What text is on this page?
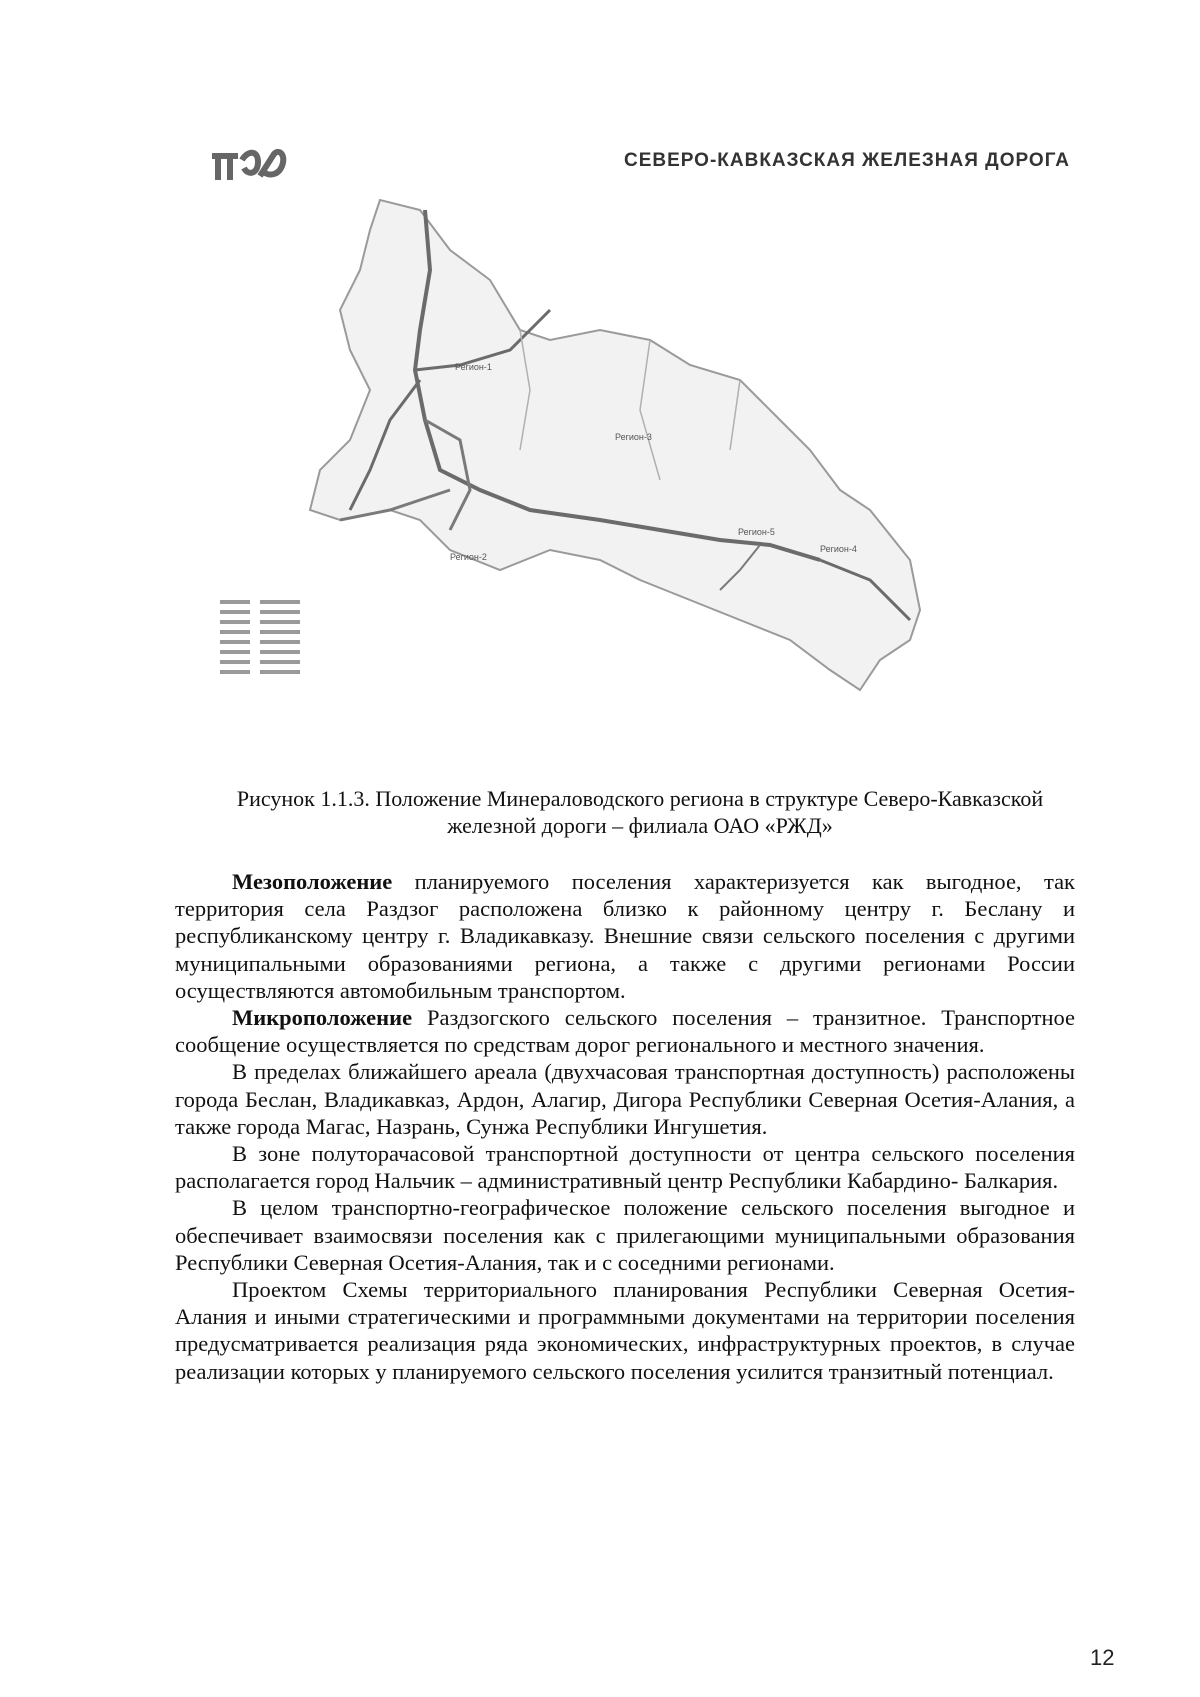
СЕВЕРО-КАВКАЗСКАЯ ЖЕЛЕЗНАЯ ДОРОГА
Регион-1
Регион-2
Регион-3
Регион-4
Регион-5
Рисунок 1.1.3. Положение Минераловодского региона в структуре Северо-Кавказской
железной дороги – филиала ОАО «РЖД»

Мезоположение планируемого поселения характеризуется как выгодное, так территория села Раздзог расположена близко к районному центру г. Беслану и республиканскому центру г. Владикавказу. Внешние связи сельского поселения с другими муниципальными образованиями региона, а также с другими регионами России осуществляются автомобильным транспортом.

Микроположение Раздзогского сельского поселения – транзитное. Транспортное сообщение осуществляется по средствам дорог регионального и местного значения.

В пределах ближайшего ареала (двухчасовая транспортная доступность) расположены города Беслан, Владикавказ, Ардон, Алагир, Дигора Республики Северная Осетия-Алания, а также города Магас, Назрань, Сунжа Республики Ингушетия.

В зоне полуторачасовой транспортной доступности от центра сельского поселения располагается город Нальчик – административный центр Республики Кабардино- Балкария.

В целом транспортно-географическое положение сельского поселения выгодное и обеспечивает взаимосвязи поселения как с прилегающими муниципальными образования Республики Северная Осетия-Алания, так и с соседними регионами.

Проектом Схемы территориального планирования Республики Северная Осетия- Алания и иными стратегическими и программными документами на территории поселения предусматривается реализация ряда экономических, инфраструктурных проектов, в случае реализации которых у планируемого сельского поселения усилится транзитный потенциал.

12
